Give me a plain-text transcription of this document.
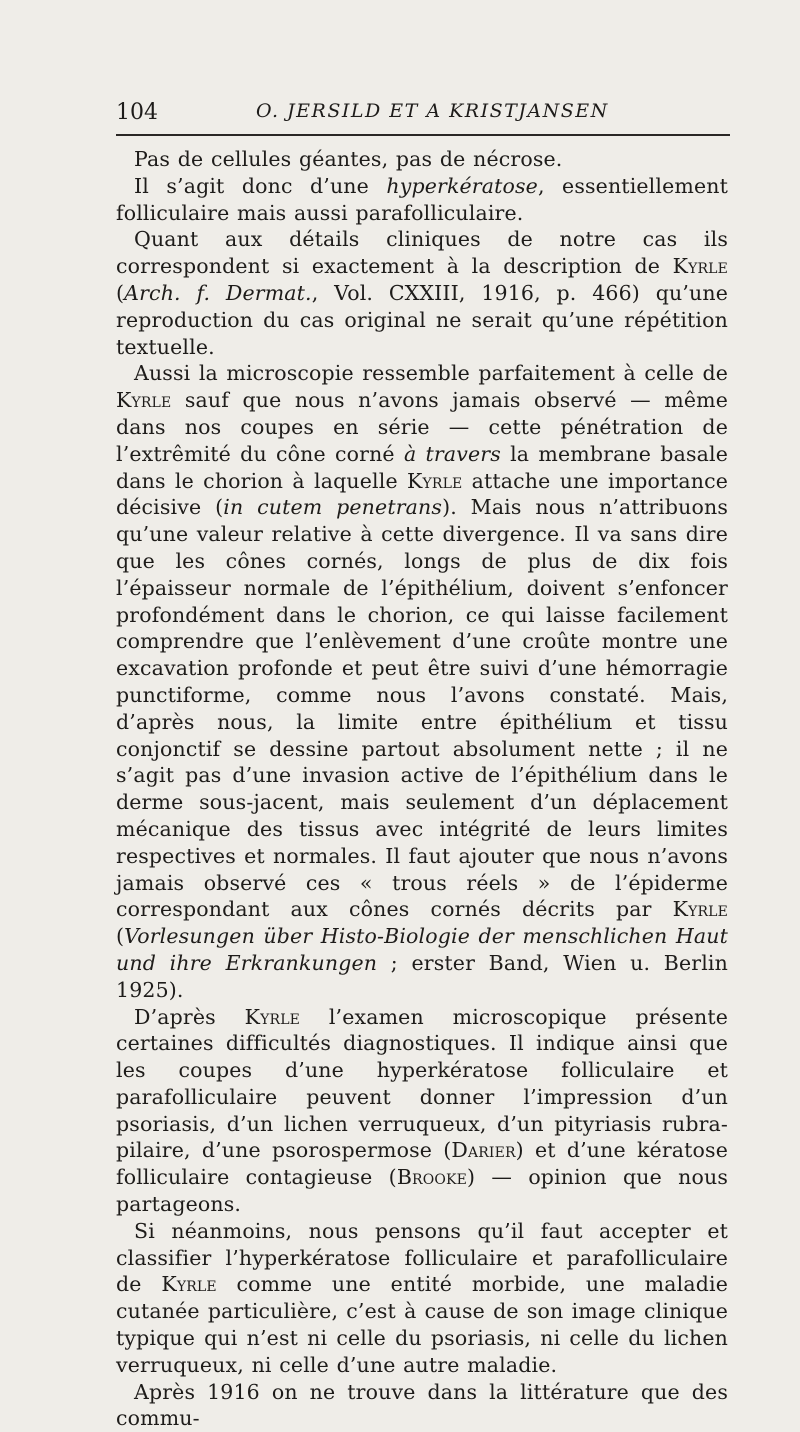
104	O. JERSILD ET A KRISTJANSEN

Pas de cellules géantes, pas de nécrose.

Il s’agit donc d’une hyperkératose, essentiellement folliculaire mais aussi parafolliculaire.

Quant aux détails cliniques de notre cas ils correspondent si exactement à la description de Kyrle (Arch. f. Dermat., Vol. CXXIII, 1916, p. 466) qu’une reproduction du cas original ne serait qu’une répétition textuelle.

Aussi la microscopie ressemble parfaitement à celle de Kyrle sauf que nous n’avons jamais observé — même dans nos coupes en série — cette pénétration de l’extrêmité du cône corné à travers la membrane basale dans le chorion à laquelle Kyrle attache une importance décisive (in cutem penetrans). Mais nous n’attribuons qu’une valeur relative à cette divergence. Il va sans dire que les cônes cornés, longs de plus de dix fois l’épaisseur normale de l’épithélium, doivent s’enfoncer profondément dans le chorion, ce qui laisse facilement comprendre que l’enlèvement d’une croûte montre une excavation profonde et peut être suivi d’une hémorragie punctiforme, comme nous l’avons constaté. Mais, d’après nous, la limite entre épithélium et tissu conjonctif se dessine partout absolument nette ; il ne s’agit pas d’une invasion active de l’épithélium dans le derme sous-jacent, mais seulement d’un déplacement mécanique des tissus avec intégrité de leurs limites respectives et normales. Il faut ajouter que nous n’avons jamais observé ces « trous réels » de l’épiderme correspondant aux cônes cornés décrits par Kyrle (Vorlesungen über Histo-Biologie der menschlichen Haut und ihre Erkrankungen ; erster Band, Wien u. Berlin 1925).

D’après Kyrle l’examen microscopique présente certaines difficultés diagnostiques. Il indique ainsi que les coupes d’une hyperkératose folliculaire et parafolliculaire peuvent donner l’impression d’un psoriasis, d’un lichen verruqueux, d’un pityriasis rubra-pilaire, d’une psorospermose (Darier) et d’une kératose folliculaire contagieuse (Brooke) — opinion que nous partageons.

Si néanmoins, nous pensons qu’il faut accepter et classifier l’hyperkératose folliculaire et parafolliculaire de Kyrle comme une entité morbide, une maladie cutanée particulière, c’est à cause de son image clinique typique qui n’est ni celle du psoriasis, ni celle du lichen verruqueux, ni celle d’une autre maladie.

Après 1916 on ne trouve dans la littérature que des commu-
